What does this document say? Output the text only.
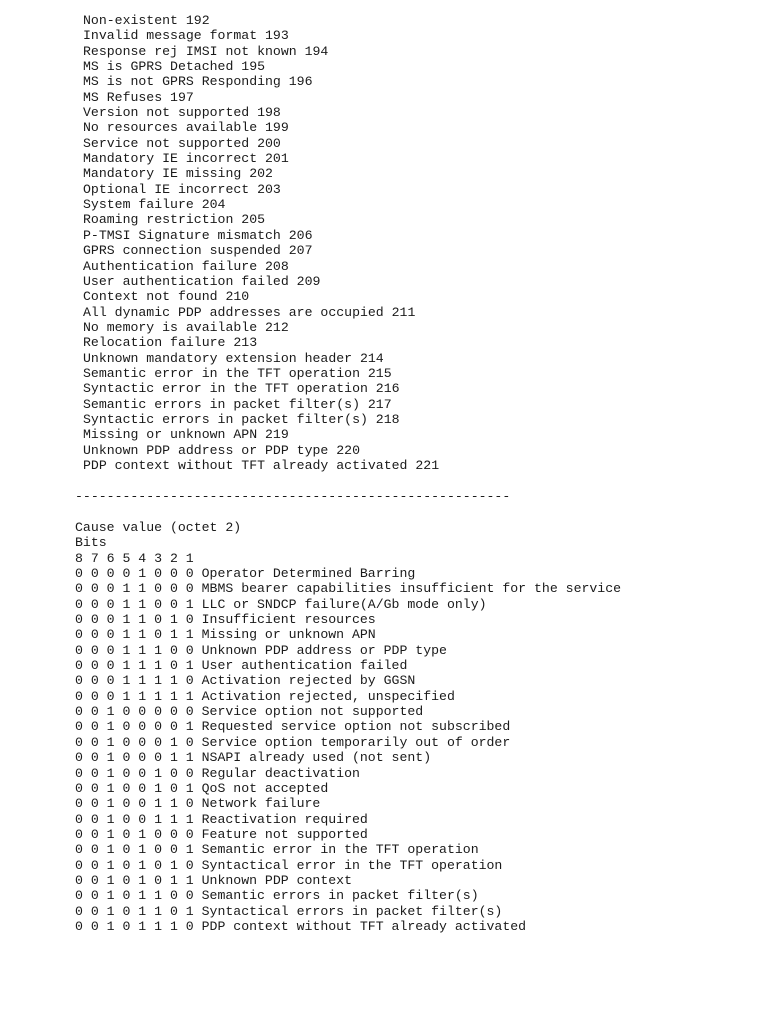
Non-existent 192
Invalid message format 193
Response rej IMSI not known 194
MS is GPRS Detached 195
MS is not GPRS Responding 196
MS Refuses 197
Version not supported 198
No resources available 199
Service not supported 200
Mandatory IE incorrect 201
Mandatory IE missing 202
Optional IE incorrect 203
System failure 204
Roaming restriction 205
P-TMSI Signature mismatch 206
GPRS connection suspended 207
Authentication failure 208
User authentication failed 209
Context not found 210
All dynamic PDP addresses are occupied 211
No memory is available 212
Relocation failure 213
Unknown mandatory extension header 214
Semantic error in the TFT operation 215
Syntactic error in the TFT operation 216
Semantic errors in packet filter(s) 217
Syntactic errors in packet filter(s) 218
Missing or unknown APN 219
Unknown PDP address or PDP type 220
PDP context without TFT already activated 221
-------------------------------------------------------
Cause value (octet 2)
Bits
8 7 6 5 4 3 2 1
0 0 0 0 1 0 0 0 Operator Determined Barring
0 0 0 1 1 0 0 0 MBMS bearer capabilities insufficient for the service
0 0 0 1 1 0 0 1 LLC or SNDCP failure(A/Gb mode only)
0 0 0 1 1 0 1 0 Insufficient resources
0 0 0 1 1 0 1 1 Missing or unknown APN
0 0 0 1 1 1 0 0 Unknown PDP address or PDP type
0 0 0 1 1 1 0 1 User authentication failed
0 0 0 1 1 1 1 0 Activation rejected by GGSN
0 0 0 1 1 1 1 1 Activation rejected, unspecified
0 0 1 0 0 0 0 0 Service option not supported
0 0 1 0 0 0 0 1 Requested service option not subscribed
0 0 1 0 0 0 1 0 Service option temporarily out of order
0 0 1 0 0 0 1 1 NSAPI already used (not sent)
0 0 1 0 0 1 0 0 Regular deactivation
0 0 1 0 0 1 0 1 QoS not accepted
0 0 1 0 0 1 1 0 Network failure
0 0 1 0 0 1 1 1 Reactivation required
0 0 1 0 1 0 0 0 Feature not supported
0 0 1 0 1 0 0 1 Semantic error in the TFT operation
0 0 1 0 1 0 1 0 Syntactical error in the TFT operation
0 0 1 0 1 0 1 1 Unknown PDP context
0 0 1 0 1 1 0 0 Semantic errors in packet filter(s)
0 0 1 0 1 1 0 1 Syntactical errors in packet filter(s)
0 0 1 0 1 1 1 0 PDP context without TFT already activated
